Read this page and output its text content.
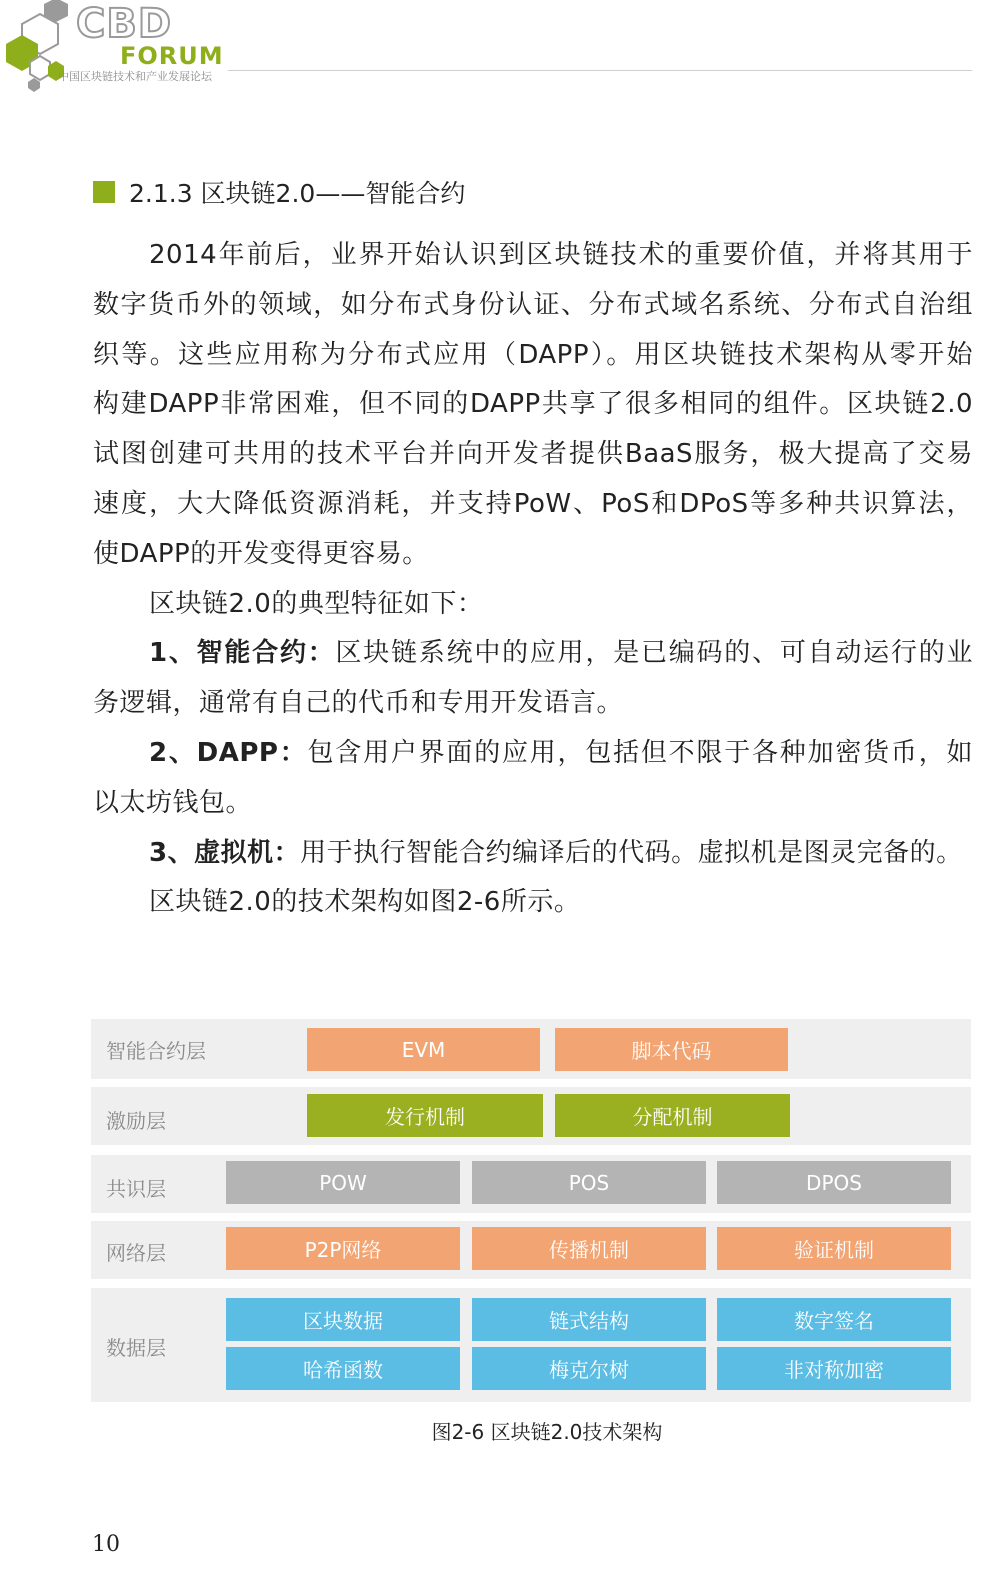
CBD
FORUM
中国区块链技术和产业发展论坛
2.1.3 区块链2.0——智能合约
2014年前后，业界开始认识到区块链技术的重要价值，并将其用于
数字货币外的领域，如分布式身份认证、分布式域名系统、分布式自治组
织等。这些应用称为分布式应用（DAPP）。用区块链技术架构从零开始
构建DAPP非常困难，但不同的DAPP共享了很多相同的组件。区块链2.0
试图创建可共用的技术平台并向开发者提供BaaS服务，极大提高了交易
速度，大大降低资源消耗，并支持PoW、PoS和DPoS等多种共识算法，
使DAPP的开发变得更容易。
区块链2.0的典型特征如下：
1、智能合约：区块链系统中的应用，是已编码的、可自动运行的业
务逻辑，通常有自己的代币和专用开发语言。
2、DAPP：包含用户界面的应用，包括但不限于各种加密货币，如
以太坊钱包。
3、虚拟机：用于执行智能合约编译后的代码。虚拟机是图灵完备的。
区块链2.0的技术架构如图2-6所示。
智能合约层	EVM	脚本代码
激励层	发行机制	分配机制
共识层	POW	POS	DPOS
网络层	P2P网络	传播机制	验证机制
数据层
区块数据	链式结构	数字签名
哈希函数	梅克尔树	非对称加密
图2-6 区块链2.0技术架构
10
